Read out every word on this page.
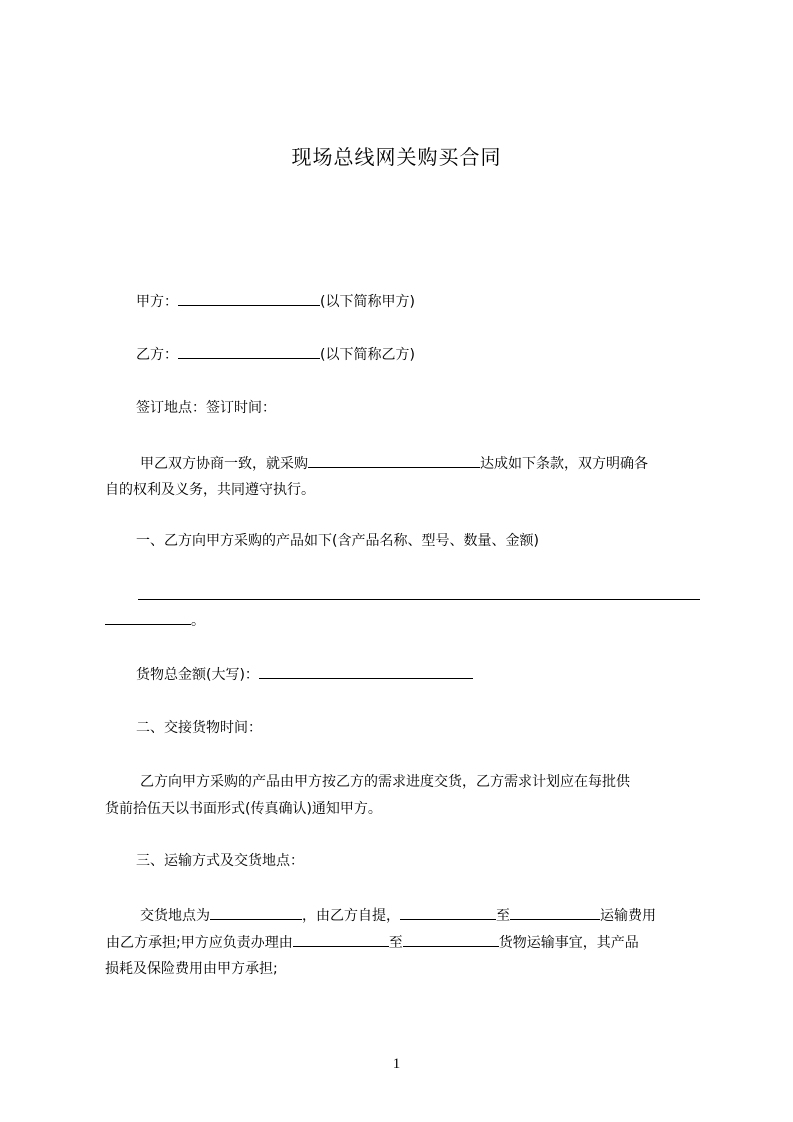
现场总线网关购买合同
甲方：	(以下简称甲方)
乙方：	(以下简称乙方)
签订地点：签订时间：
甲乙双方协商一致，就采购	达成如下条款，双方明确各
自的权利及义务，共同遵守执行。
一、乙方向甲方采购的产品如下(含产品名称、型号、数量、金额)
。
货物总金额(大写)：
二、交接货物时间：
乙方向甲方采购的产品由甲方按乙方的需求进度交货，乙方需求计划应在每批供
货前拾伍天以书面形式(传真确认)通知甲方。
三、运输方式及交货地点：
交货地点为	，由乙方自提，	至	运输费用
由乙方承担;甲方应负责办理由	至	货物运输事宜，其产品
损耗及保险费用由甲方承担;
1
